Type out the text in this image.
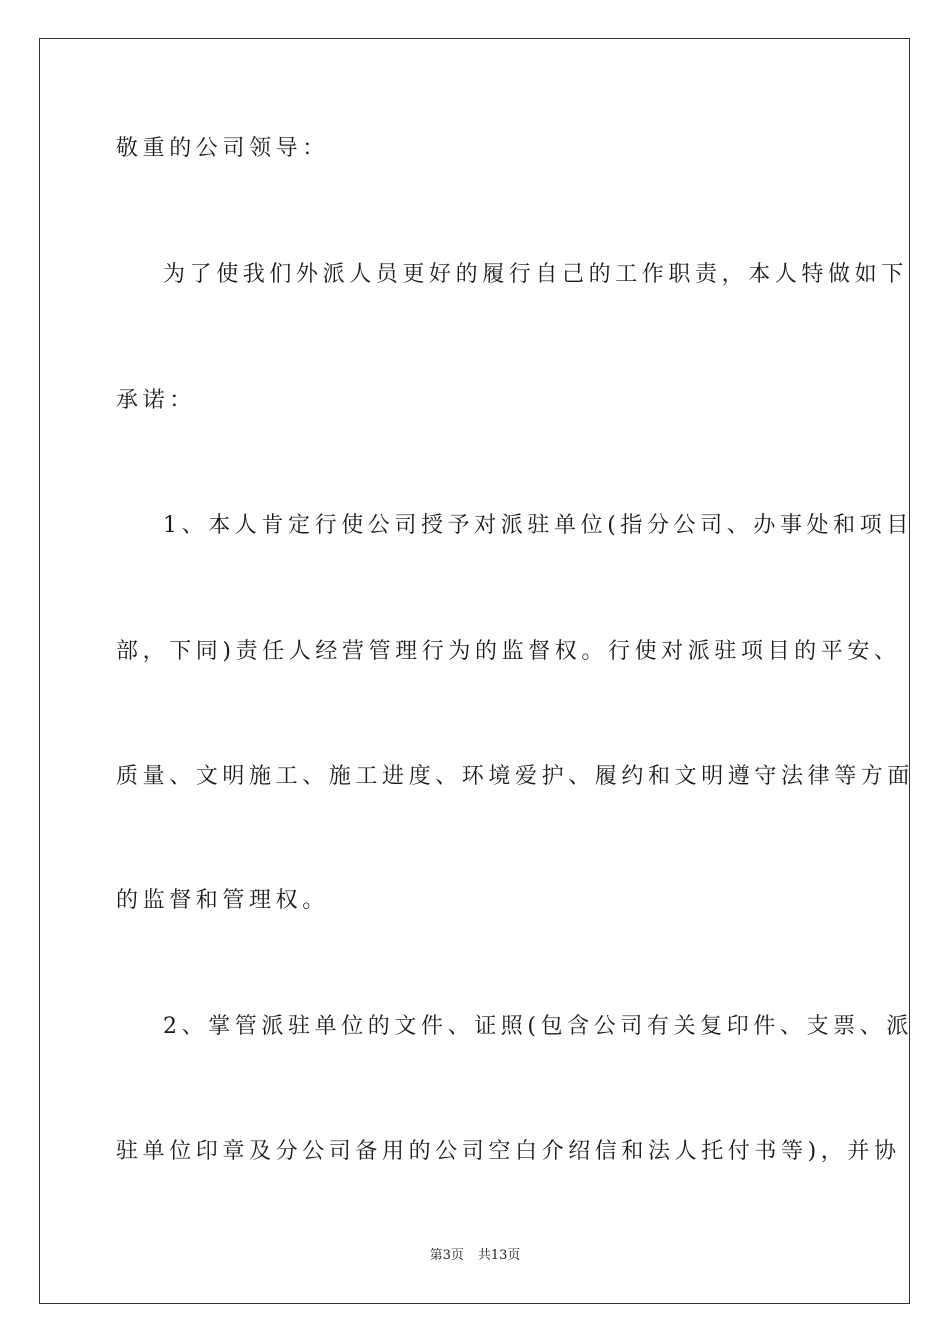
敬重的公司领导：
为了使我们外派人员更好的履行自己的工作职责，本人特做如下
承诺：
1、本人肯定行使公司授予对派驻单位(指分公司、办事处和项目
部，下同)责任人经营管理行为的监督权。行使对派驻项目的平安、
质量、文明施工、施工进度、环境爱护、履约和文明遵守法律等方面
的监督和管理权。
2、掌管派驻单位的文件、证照(包含公司有关复印件、支票、派
驻单位印章及分公司备用的公司空白介绍信和法人托付书等)，并协
第3页 共13页
